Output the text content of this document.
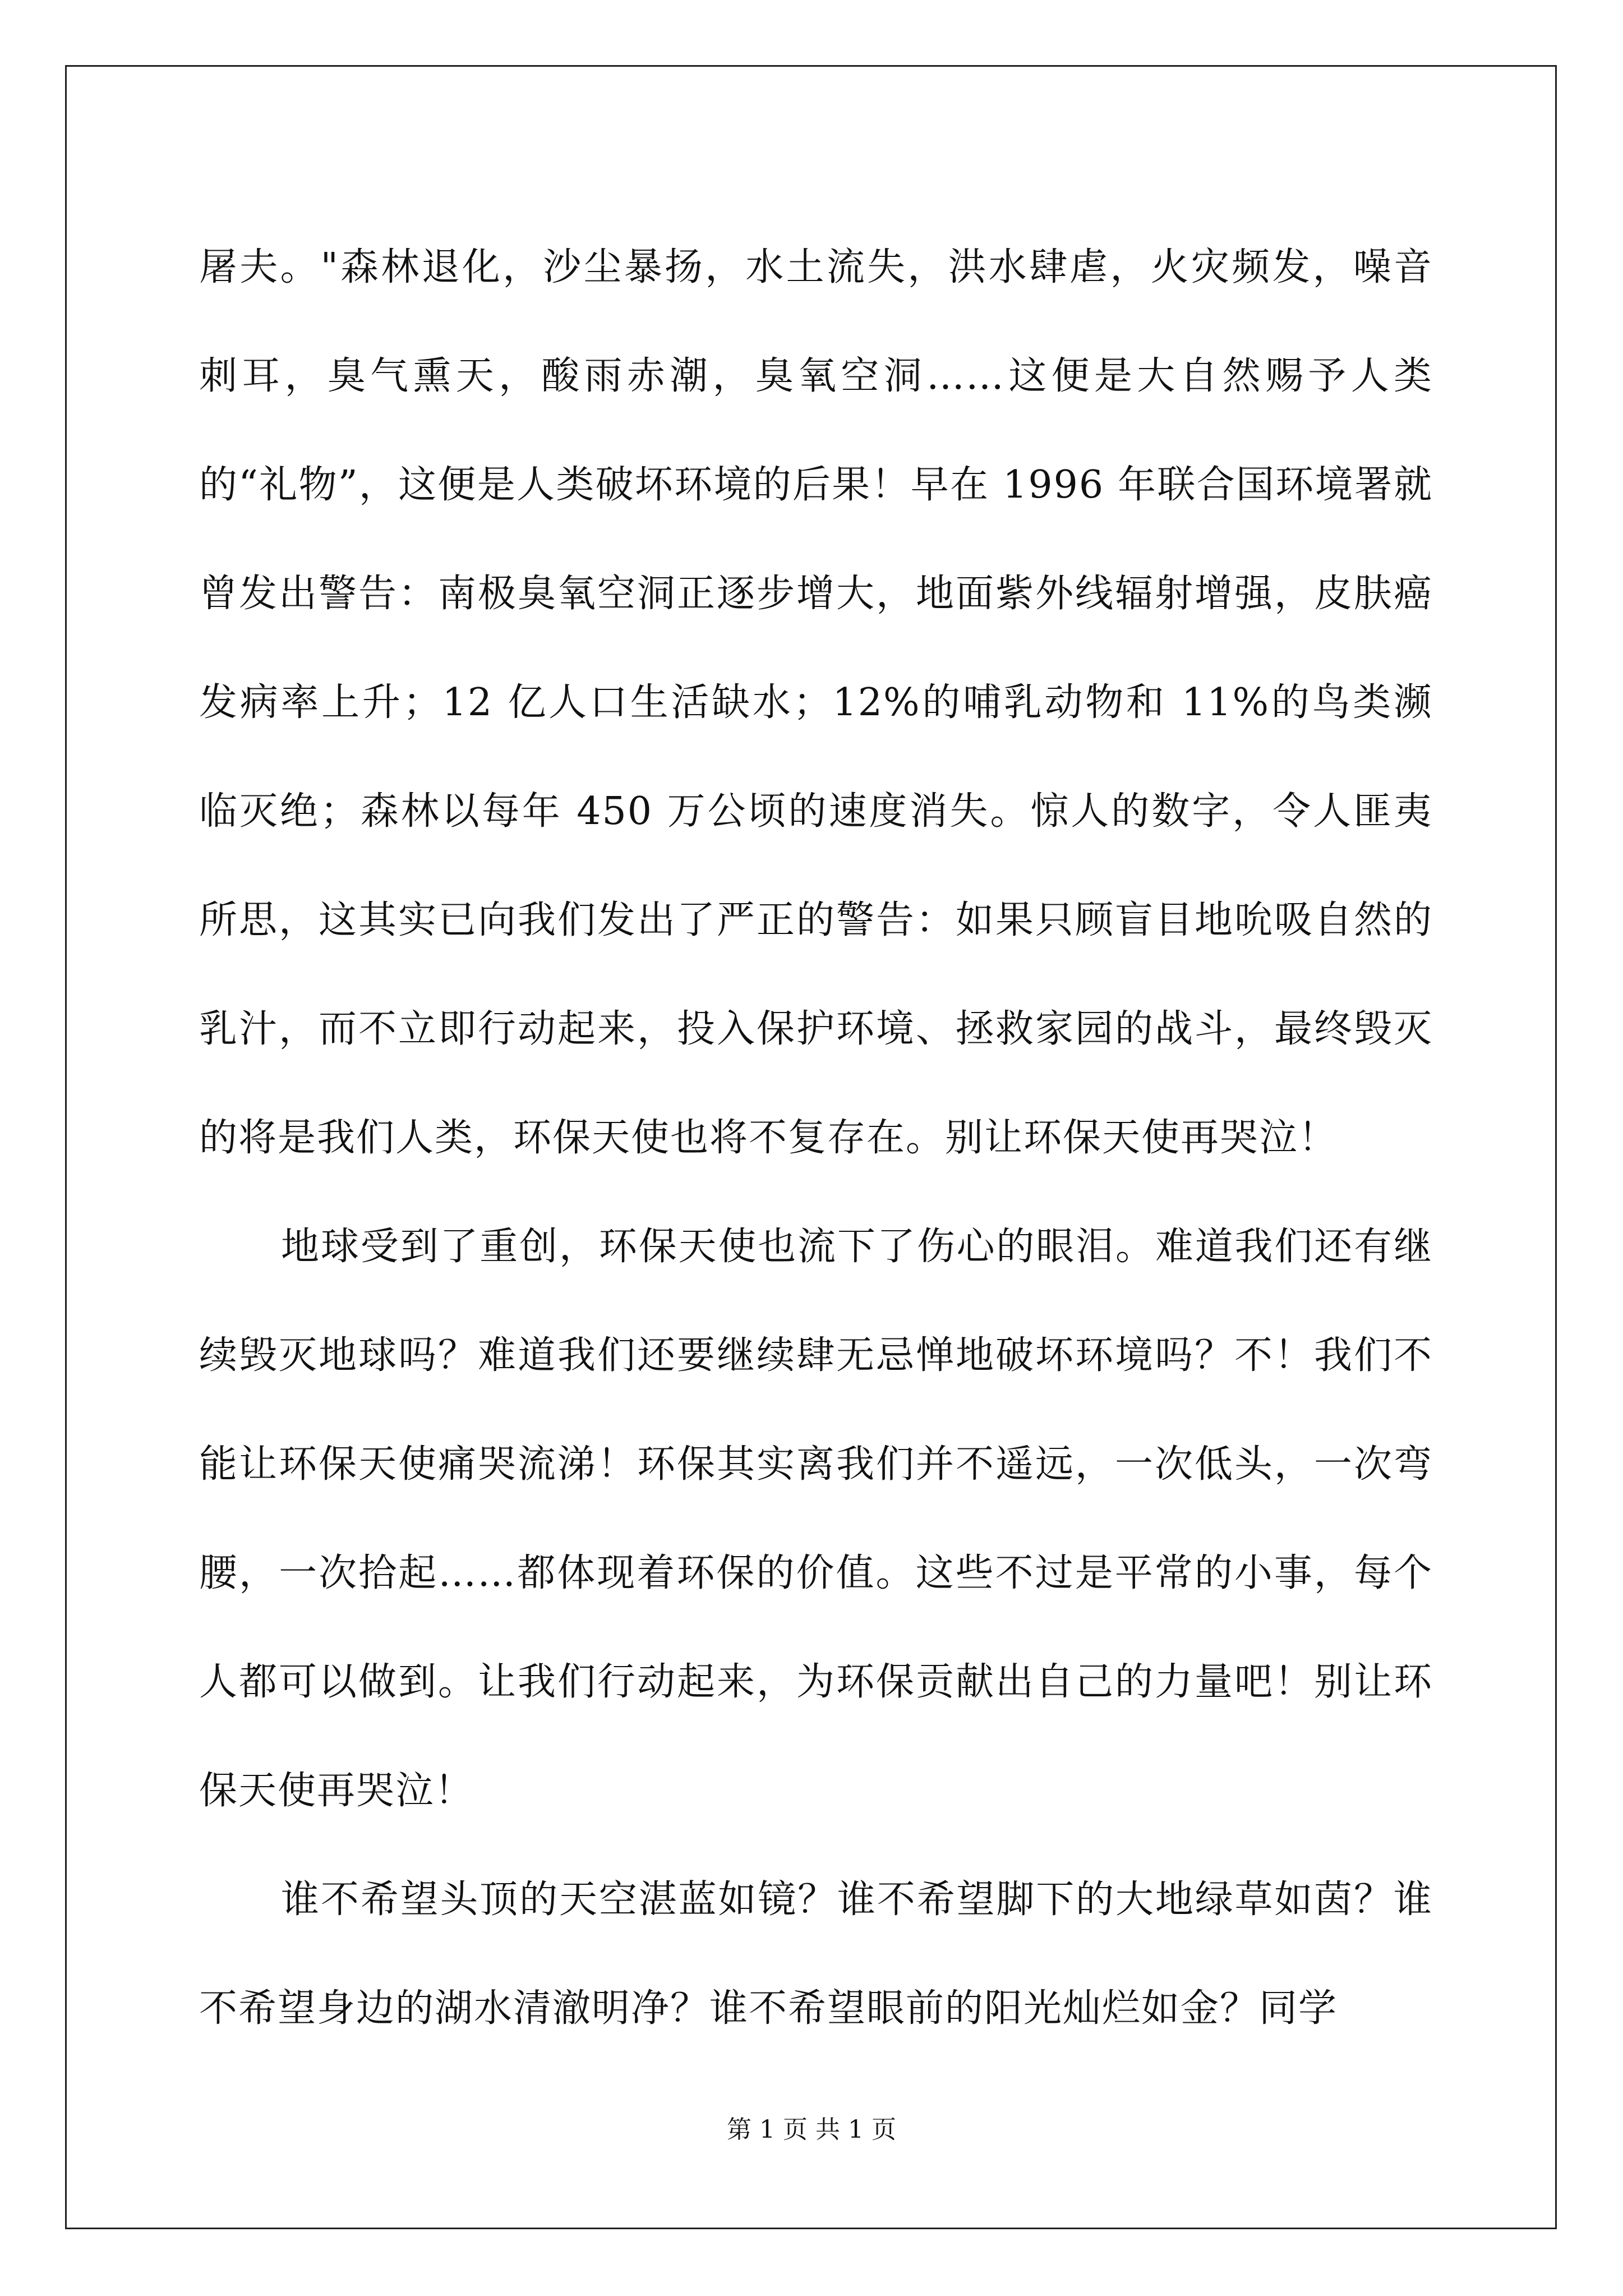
屠夫。"森林退化，沙尘暴扬，水土流失，洪水肆虐，火灾频发，噪音刺耳，臭气熏天，酸雨赤潮，臭氧空洞……这便是大自然赐予人类的“礼物”，这便是人类破坏环境的后果！早在 1996 年联合国环境署就曾发出警告：南极臭氧空洞正逐步增大，地面紫外线辐射增强，皮肤癌发病率上升；12 亿人口生活缺水；12%的哺乳动物和 11%的鸟类濒临灭绝；森林以每年 450 万公顷的速度消失。惊人的数字，令人匪夷所思，这其实已向我们发出了严正的警告：如果只顾盲目地吮吸自然的乳汁，而不立即行动起来，投入保护环境、拯救家园的战斗，最终毁灭的将是我们人类，环保天使也将不复存在。别让环保天使再哭泣！

地球受到了重创，环保天使也流下了伤心的眼泪。难道我们还有继续毁灭地球吗？难道我们还要继续肆无忌惮地破坏环境吗？不！我们不能让环保天使痛哭流涕！环保其实离我们并不遥远，一次低头，一次弯腰，一次拾起……都体现着环保的价值。这些不过是平常的小事，每个人都可以做到。让我们行动起来，为环保贡献出自己的力量吧！别让环保天使再哭泣！

谁不希望头顶的天空湛蓝如镜？谁不希望脚下的大地绿草如茵？谁不希望身边的湖水清澈明净？谁不希望眼前的阳光灿烂如金？同学

第 1 页 共 1 页
